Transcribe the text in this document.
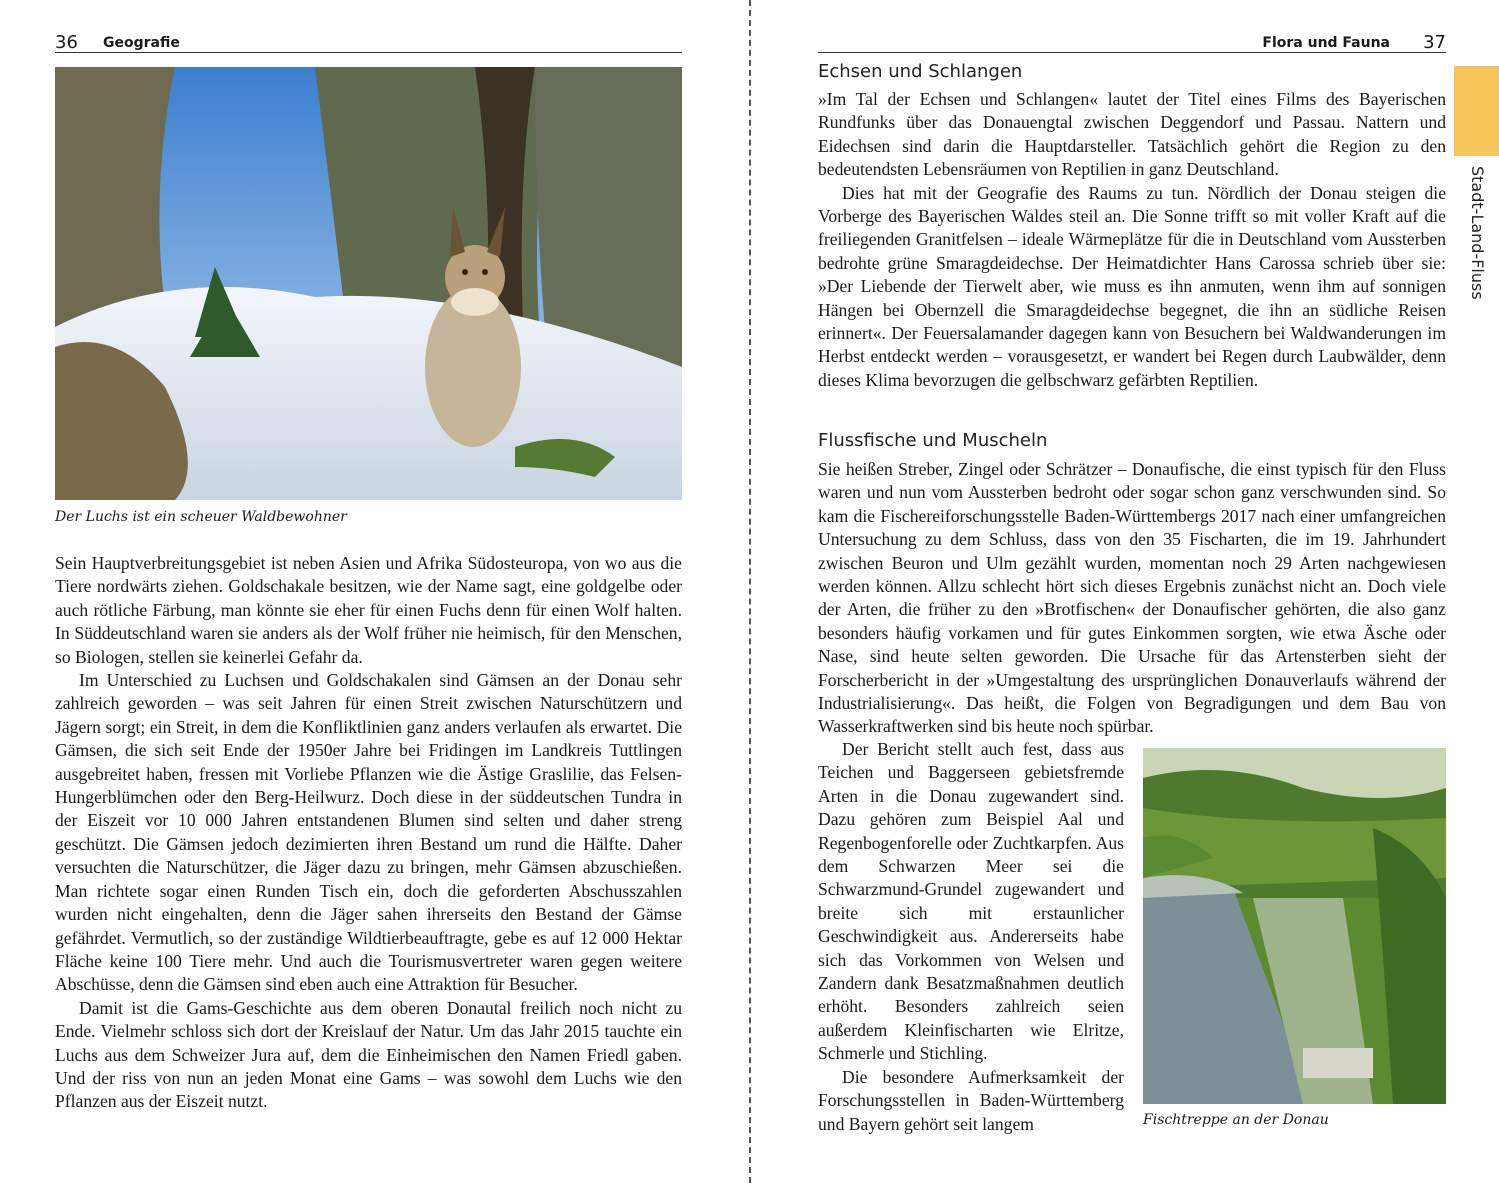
36 Geografie
Der Luchs ist ein scheuer Waldbewohner

Sein Hauptverbreitungsgebiet ist neben Asien und Afrika Südosteuropa, von wo aus die Tiere nordwärts ziehen. Goldschakale besitzen, wie der Name sagt, eine goldgelbe oder auch rötliche Färbung, man könnte sie eher für einen Fuchs denn für einen Wolf halten. In Süddeutschland waren sie anders als der Wolf früher nie heimisch, für den Menschen, so Biologen, stellen sie keinerlei Gefahr da.

Im Unterschied zu Luchsen und Goldschakalen sind Gämsen an der Donau sehr zahlreich geworden – was seit Jahren für einen Streit zwischen Naturschützern und Jägern sorgt; ein Streit, in dem die Konfliktlinien ganz anders verlaufen als erwartet. Die Gämsen, die sich seit Ende der 1950er Jahre bei Fridingen im Landkreis Tuttlingen ausgebreitet haben, fressen mit Vorliebe Pflanzen wie die Ästige Graslilie, das Felsen-Hungerblümchen oder den Berg-Heilwurz. Doch diese in der süddeutschen Tundra in der Eiszeit vor 10 000 Jahren entstandenen Blumen sind selten und daher streng geschützt. Die Gämsen jedoch dezimierten ihren Bestand um rund die Hälfte. Daher versuchten die Naturschützer, die Jäger dazu zu bringen, mehr Gämsen abzuschießen. Man richtete sogar einen Runden Tisch ein, doch die geforderten Abschusszahlen wurden nicht eingehalten, denn die Jäger sahen ihrerseits den Bestand der Gämse gefährdet. Vermutlich, so der zuständige Wildtierbeauftragte, gebe es auf 12 000 Hektar Fläche keine 100 Tiere mehr. Und auch die Tourismusvertreter waren gegen weitere Abschüsse, denn die Gämsen sind eben auch eine Attraktion für Besucher.

Damit ist die Gams-Geschichte aus dem oberen Donautal freilich noch nicht zu Ende. Vielmehr schloss sich dort der Kreislauf der Natur. Um das Jahr 2015 tauchte ein Luchs aus dem Schweizer Jura auf, dem die Einheimischen den Namen Friedl gaben. Und der riss von nun an jeden Monat eine Gams – was sowohl dem Luchs wie den Pflanzen aus der Eiszeit nutzt.

Flora und Fauna 37
Echsen und Schlangen

»Im Tal der Echsen und Schlangen« lautet der Titel eines Films des Bayerischen Rundfunks über das Donauengtal zwischen Deggendorf und Passau. Nattern und Eidechsen sind darin die Hauptdarsteller. Tatsächlich gehört die Region zu den bedeutendsten Lebensräumen von Reptilien in ganz Deutschland.

Dies hat mit der Geografie des Raums zu tun. Nördlich der Donau steigen die Vorberge des Bayerischen Waldes steil an. Die Sonne trifft so mit voller Kraft auf die freiliegenden Granitfelsen – ideale Wärmeplätze für die in Deutschland vom Aussterben bedrohte grüne Smaragdeidechse. Der Heimatdichter Hans Carossa schrieb über sie: »Der Liebende der Tierwelt aber, wie muss es ihn anmuten, wenn ihm auf sonnigen Hängen bei Obernzell die Smaragdeidechse begegnet, die ihn an südliche Reisen erinnert«. Der Feuersalamander dagegen kann von Besuchern bei Waldwanderungen im Herbst entdeckt werden – vorausgesetzt, er wandert bei Regen durch Laubwälder, denn dieses Klima bevorzugen die gelbschwarz gefärbten Reptilien.

Flussfische und Muscheln

Sie heißen Streber, Zingel oder Schrätzer – Donaufische, die einst typisch für den Fluss waren und nun vom Aussterben bedroht oder sogar schon ganz verschwunden sind. So kam die Fischereiforschungsstelle Baden-Württembergs 2017 nach einer umfangreichen Untersuchung zu dem Schluss, dass von den 35 Fischarten, die im 19. Jahrhundert zwischen Beuron und Ulm gezählt wurden, momentan noch 29 Arten nachgewiesen werden können. Allzu schlecht hört sich dieses Ergebnis zunächst nicht an. Doch viele der Arten, die früher zu den »Brotfischen« der Donaufischer gehörten, die also ganz besonders häufig vorkamen und für gutes Einkommen sorgten, wie etwa Äsche oder Nase, sind heute selten geworden. Die Ursache für das Artensterben sieht der Forscherbericht in der »Umgestaltung des ursprünglichen Donauverlaufs während der Industrialisierung«. Das heißt, die Folgen von Begradigungen und dem Bau von Wasserkraftwerken sind bis heute noch spürbar.

Der Bericht stellt auch fest, dass aus Teichen und Baggerseen gebietsfremde Arten in die Donau zugewandert sind. Dazu gehören zum Beispiel Aal und Regenbogenforelle oder Zuchtkarpfen. Aus dem Schwarzen Meer sei die Schwarzmund-Grundel zugewandert und breite sich mit erstaunlicher Geschwindigkeit aus. Andererseits habe sich das Vorkommen von Welsen und Zandern dank Besatzmaßnahmen deutlich erhöht. Besonders zahlreich seien außerdem Kleinfischarten wie Elritze, Schmerle und Stichling.

Die besondere Aufmerksamkeit der Forschungsstellen in Baden-Württemberg und Bayern gehört seit langem	Fischtreppe an der Donau
Stadt-Land-Fluss
